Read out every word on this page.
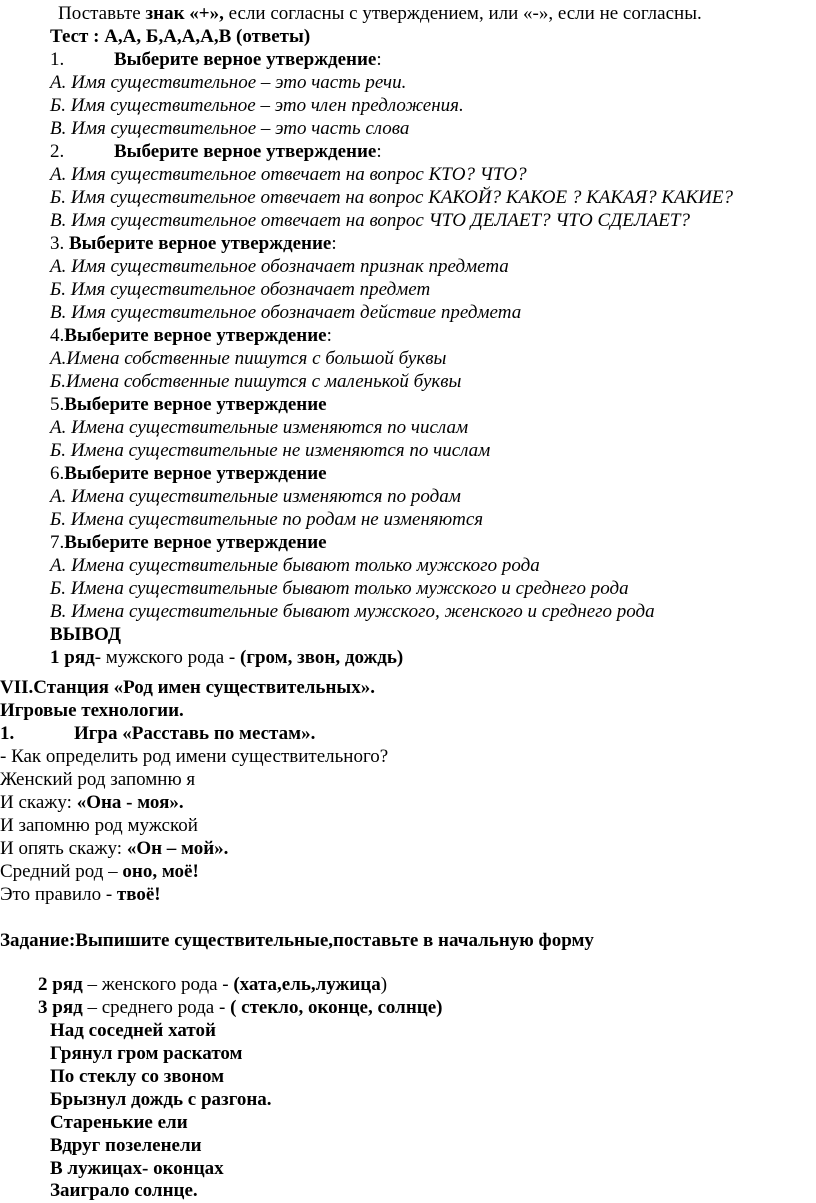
Поставьте знак «+», если согласны с утверждением, или «-», если не согласны.
Тест : А,А, Б,А,А,А,В (ответы)
1.	Выберите верное утверждение:
А. Имя существительное – это часть речи.
Б. Имя существительное – это член предложения.
В. Имя существительное – это часть слова
2.	Выберите верное утверждение:
А. Имя существительное отвечает на вопрос КТО? ЧТО?
Б. Имя существительное отвечает на вопрос КАКОЙ? КАКОЕ ? КАКАЯ? КАКИЕ?
В. Имя существительное отвечает на вопрос ЧТО ДЕЛАЕТ? ЧТО СДЕЛАЕТ?
3. Выберите верное утверждение:
А. Имя существительное обозначает признак предмета
Б. Имя существительное обозначает предмет
В. Имя существительное обозначает действие предмета
4.Выберите верное утверждение:
А.Имена собственные пишутся с большой буквы
Б.Имена собственные пишутся с маленькой буквы
5.Выберите верное утверждение
А. Имена существительные изменяются по числам
Б. Имена существительные не изменяются по числам
6.Выберите верное утверждение
А. Имена существительные изменяются по родам
Б. Имена существительные по родам не изменяются
7.Выберите верное утверждение
А. Имена существительные бывают только мужского рода
Б. Имена существительные бывают только мужского и среднего рода
В. Имена существительные бывают мужского, женского и среднего рода
ВЫВОД
1 ряд- мужского рода - (гром, звон, дождь)
VII.Станция «Род имен существительных».
Игровые технологии.
1.	Игра «Расставь по местам».
- Как определить род имени существительного?
Женский род запомню я
И скажу: «Она - моя».
И запомню род мужской
И опять скажу: «Он – мой».
Средний род – оно, моё!
Это правило - твоё!
Задание:Выпишите существительные,поставьте в начальную форму
2 ряд – женского рода - (хата,ель,лужица)
3 ряд – среднего рода - ( стекло, оконце, солнце)
Над соседней хатой
Грянул гром раскатом
По стеклу со звоном
Брызнул дождь с разгона.
Старенькие ели
Вдруг позеленели
В лужицах- оконцах
Заиграло солнце.
